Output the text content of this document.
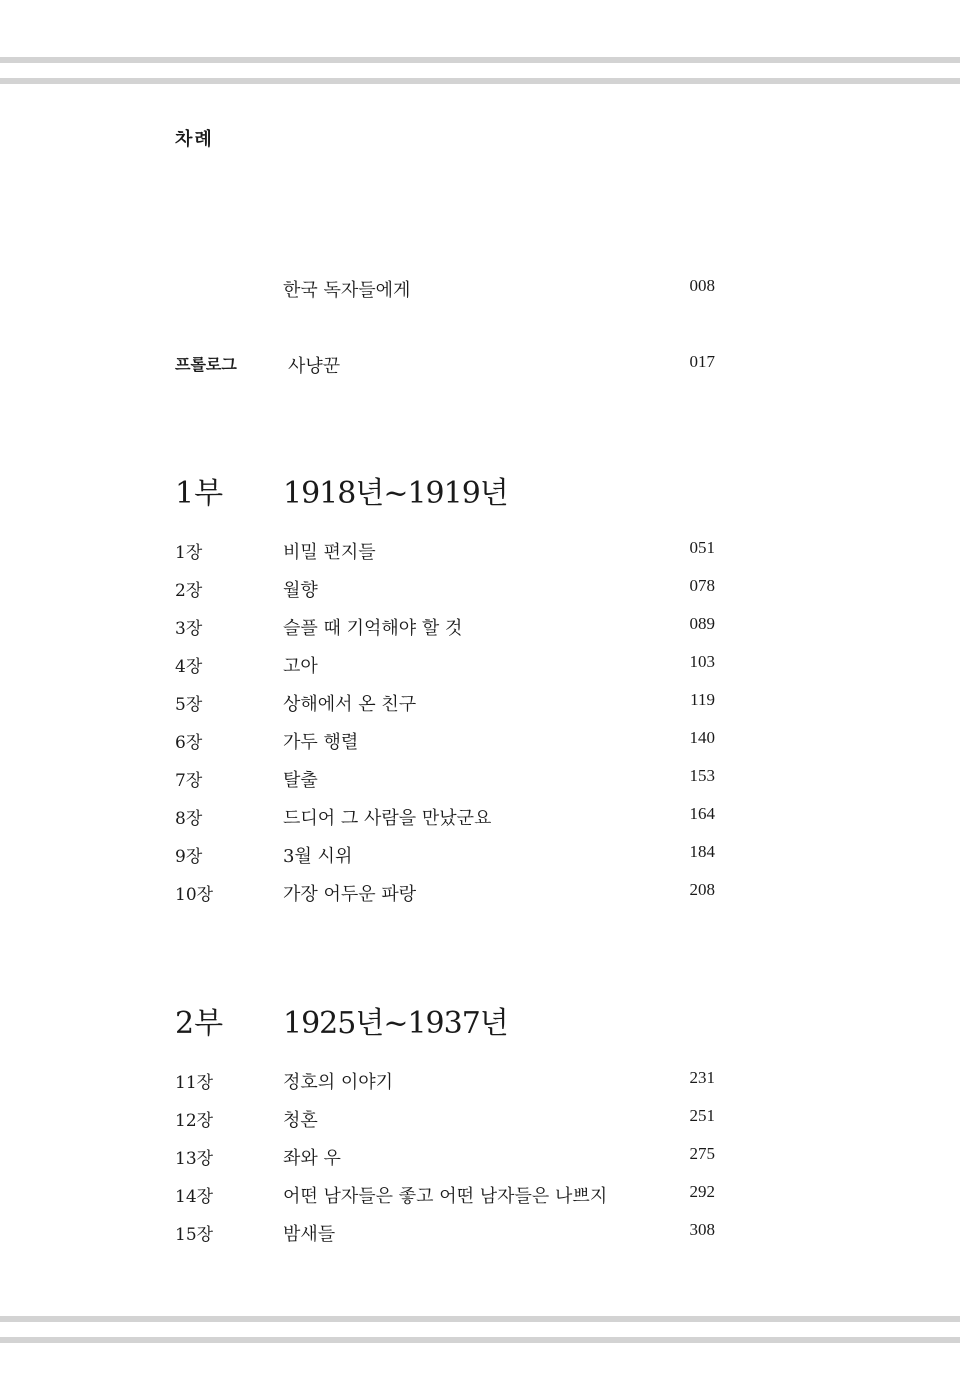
차례
한국 독자들에게	008
프롤로그	사냥꾼	017
1부 1918년~1919년
1장	비밀 편지들	051
2장	월향	078
3장	슬플 때 기억해야 할 것	089
4장	고아	103
5장	상해에서 온 친구	119
6장	가두 행렬	140
7장	탈출	153
8장	드디어 그 사람을 만났군요	164
9장	3월 시위	184
10장	가장 어두운 파랑	208
2부 1925년~1937년
11장	정호의 이야기	231
12장	청혼	251
13장	좌와 우	275
14장	어떤 남자들은 좋고 어떤 남자들은 나쁘지	292
15장	밤새들	308
